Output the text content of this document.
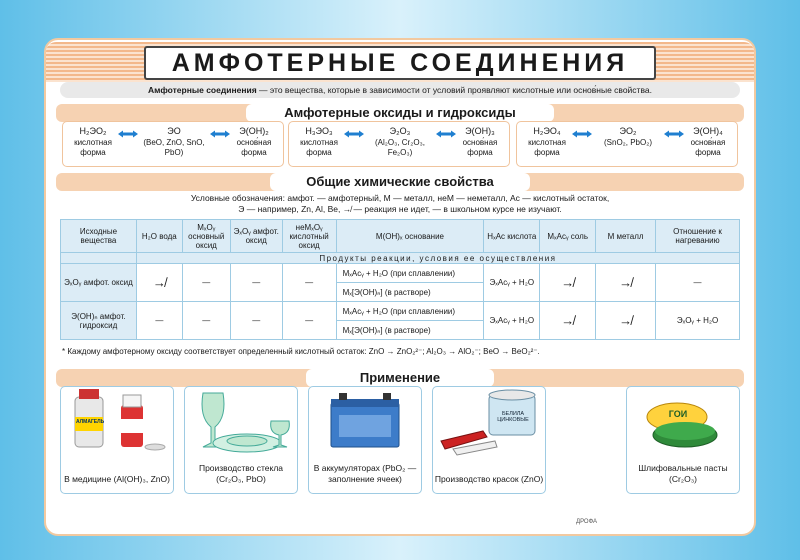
АМФОТЕРНЫЕ СОЕДИНЕНИЯ
Амфотерные соединения — это вещества, которые в зависимости от условий проявляют кислотные или основ́ные свойства.
Амфотерные оксиды и гидроксиды
H₂ЭO₂
кислотная форма
ЭO
(BeO, ZnO, SnO, PbO)
Э(OH)₂
основ́ная форма
H₃ЭO₃
кислотная форма
Э₂O₃
(Al₂O₃, Cr₂O₃, Fe₂O₃)
Э(OH)₃
основ́ная форма
H₂ЭO₄
кислотная форма
ЭO₂
(SnO₂, PbO₂)
Э(OH)₄
основ́ная форма
Общие химические свойства
Условные обозначения: амфот. — амфотерный, М — металл, неМ — неметалл, Ас — кислотный остаток,
Э — например, Zn, Al, Be, ↛ — реакция не идет, — в школьном курсе не изучают.
Исходные вещества	H₂O вода	MₓOᵧ основный оксид	ЭₓOᵧ амфот. оксид	неMₓOᵧ кислотный оксид	M(OH)ₓ основание	HₓAc кислота	MₓAcᵧ соль	M металл	Отношение к нагреванию
	Продукты реакции, условия ее осуществления								
ЭₓOᵧ амфот. оксид	↛	—	—	—	MₓAcᵧ + H₂O (при сплавлении)	ЭₓAcᵧ + H₂O	↛	↛	—
					Mₓ[Э(OH)ₙ] (в растворе)				
Э(OH)ₙ амфот. гидроксид	—	—	—	—	MₓAcᵧ + H₂O (при сплавлении)	ЭₓAcᵧ + H₂O	↛	↛	ЭₓOᵧ + H₂O
					Mₓ[Э(OH)ₙ] (в растворе)				
* Каждому амфотерному оксиду соответствует определенный кислотный остаток: ZnO → ZnO₂²⁻; Al₂O₃ → AlO₂⁻; BeO → BeO₂²⁻.
Применение
АЛМАГЕЛЬ
В медицине (Al(OH)₃, ZnO)
Производство стекла (Cr₂O₃, PbO)
В аккумуляторах (PbO₂ — заполнение ячеек)
БЕЛИЛА ЦИНКОВЫЕ
Производство красок (ZnO)
ГОИ
Шлифовальные пасты (Cr₂O₃)
ДРОФА
